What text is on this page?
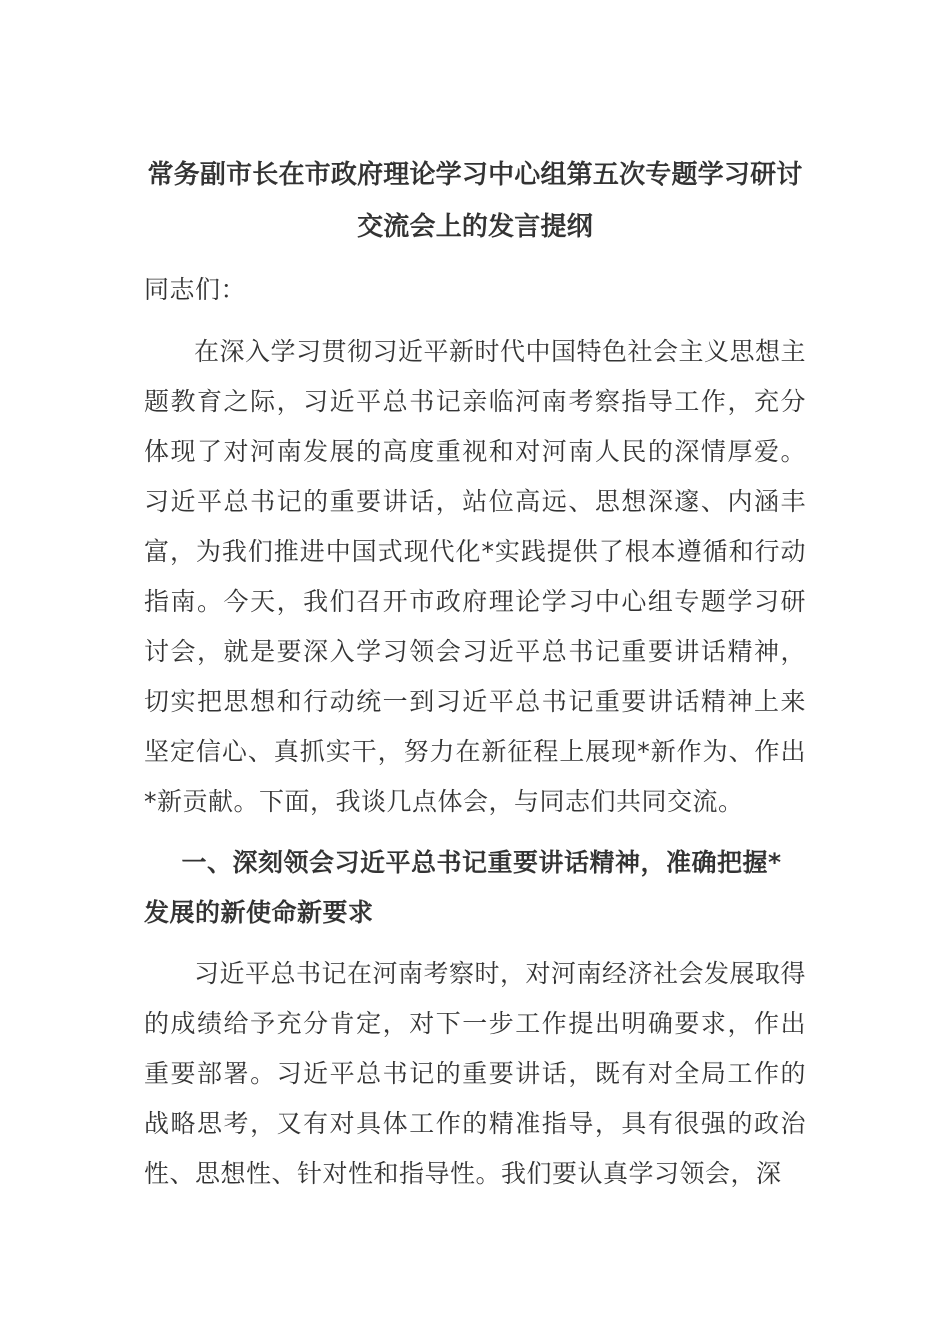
常务副市长在市政府理论学习中心组第五次专题学习研讨
交流会上的发言提纲

同志们：

在深入学习贯彻习近平新时代中国特色社会主义思想主题教育之际，习近平总书记亲临河南考察指导工作，充分体现了对河南发展的高度重视和对河南人民的深情厚爱。习近平总书记的重要讲话，站位高远、思想深邃、内涵丰富，为我们推进中国式现代化*实践提供了根本遵循和行动指南。今天，我们召开市政府理论学习中心组专题学习研讨会，就是要深入学习领会习近平总书记重要讲话精神，切实把思想和行动统一到习近平总书记重要讲话精神上来坚定信心、真抓实干，努力在新征程上展现*新作为、作出*新贡献。下面，我谈几点体会，与同志们共同交流。

一、深刻领会习近平总书记重要讲话精神，准确把握*发展的新使命新要求

习近平总书记在河南考察时，对河南经济社会发展取得的成绩给予充分肯定，对下一步工作提出明确要求，作出重要部署。习近平总书记的重要讲话，既有对全局工作的战略思考，又有对具体工作的精准指导，具有很强的政治性、思想性、针对性和指导性。我们要认真学习领会，深
